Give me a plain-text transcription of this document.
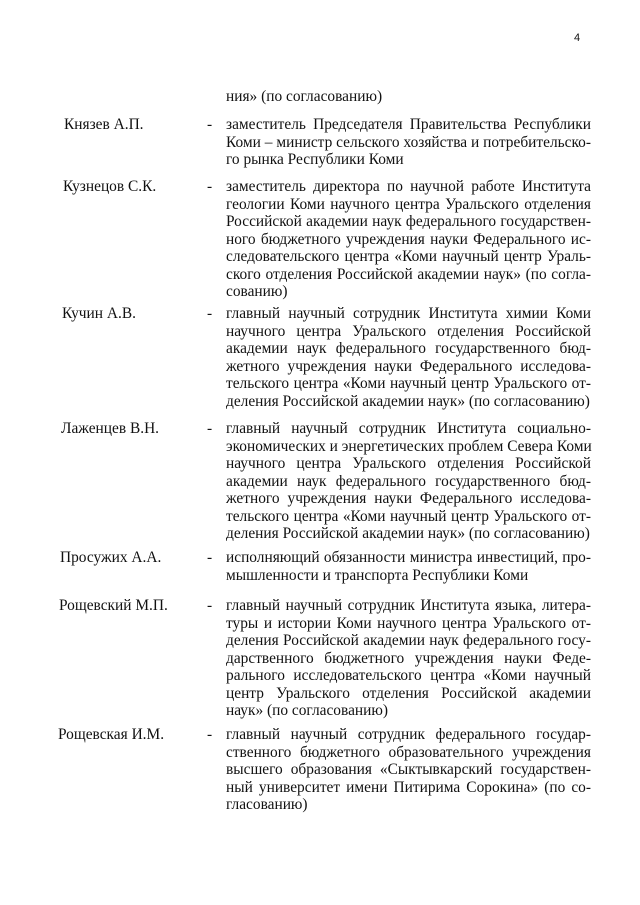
4
ния» (по согласованию)
Князев А.П.	- заместитель Председателя Правительства Республики
Коми – министр сельского хозяйства и потребительско-
го рынка Республики Коми
Кузнецов С.К.	- заместитель директора по научной работе Института
геологии Коми научного центра Уральского отделения
Российской академии наук федерального государствен-
ного бюджетного учреждения науки Федерального ис-
следовательского центра «Коми научный центр Ураль-
ского отделения Российской академии наук» (по согла-
сованию)
Кучин А.В.	- главный научный сотрудник Института химии Коми
научного центра Уральского отделения Российской
академии наук федерального государственного бюд-
жетного учреждения науки Федерального исследова-
тельского центра «Коми научный центр Уральского от-
деления Российской академии наук» (по согласованию)
Лаженцев В.Н.	- главный научный сотрудник Института социально-
экономических и энергетических проблем Севера Коми
научного центра Уральского отделения Российской
академии наук федерального государственного бюд-
жетного учреждения науки Федерального исследова-
тельского центра «Коми научный центр Уральского от-
деления Российской академии наук» (по согласованию)
Просужих А.А.	- исполняющий обязанности министра инвестиций, про-
мышленности и транспорта Республики Коми
Рощевский М.П.	- главный научный сотрудник Института языка, литера-
туры и истории Коми научного центра Уральского от-
деления Российской академии наук федерального госу-
дарственного бюджетного учреждения науки Феде-
рального исследовательского центра «Коми научный
центр Уральского отделения Российской академии
наук» (по согласованию)
Рощевская И.М.	- главный научный сотрудник федерального государ-
ственного бюджетного образовательного учреждения
высшего образования «Сыктывкарский государствен-
ный университет имени Питирима Сорокина» (по со-
гласованию)
